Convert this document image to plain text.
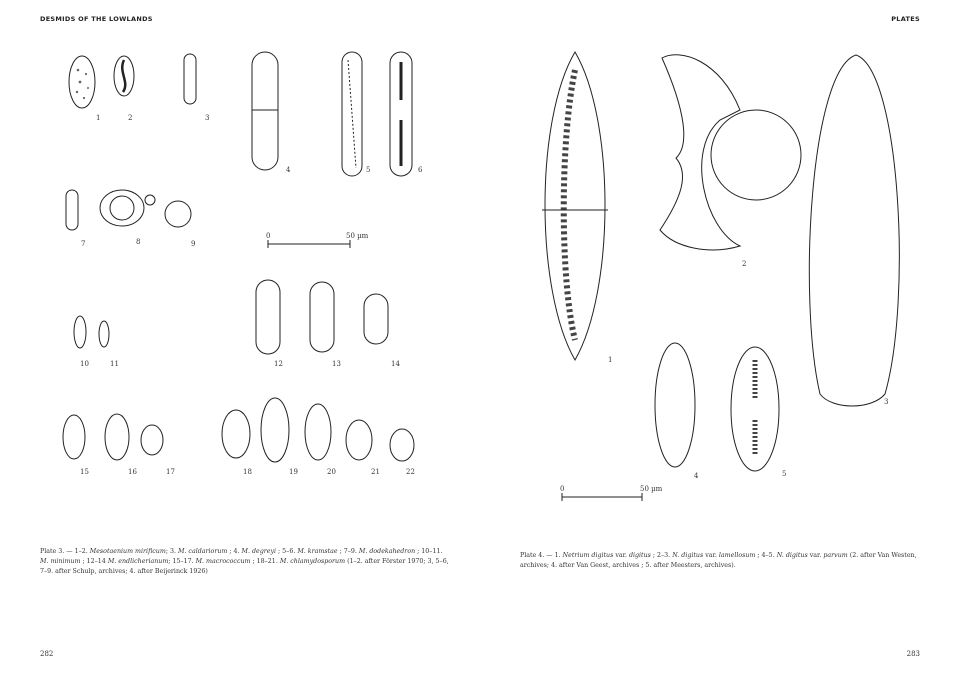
DESMIDS OF THE LOWLANDS
1	2	3
4	5	6
7	8	9
10	11	12	13	14
15	16	17	18	19	20	21	22
0	50 µm
Plate 3. — 1–2. Mesotaenium mirificum; 3. M. caldariorum ; 4. M. degreyi ; 5–6. M. kramstae ; 7–9. M. dodekahedron ; 10–11. M. minimum ; 12–14 M. endlicherianum; 15–17. M. macrococcum ; 18–21. M. chlamydosporum (1–2. after Förster 1970; 3, 5–6, 7–9. after Schulp, archives; 4. after Beijerinck 1926)
282
PLATES
1
2
3
4	5
0	50 µm
Plate 4. — 1. Netrium digitus var. digitus ; 2–3. N. digitus var. lamellosum ; 4–5. N. digitus var. parvum (2. after Van Westen, archives; 4. after Van Geest, archives ; 5. after Meesters, archives).
283
